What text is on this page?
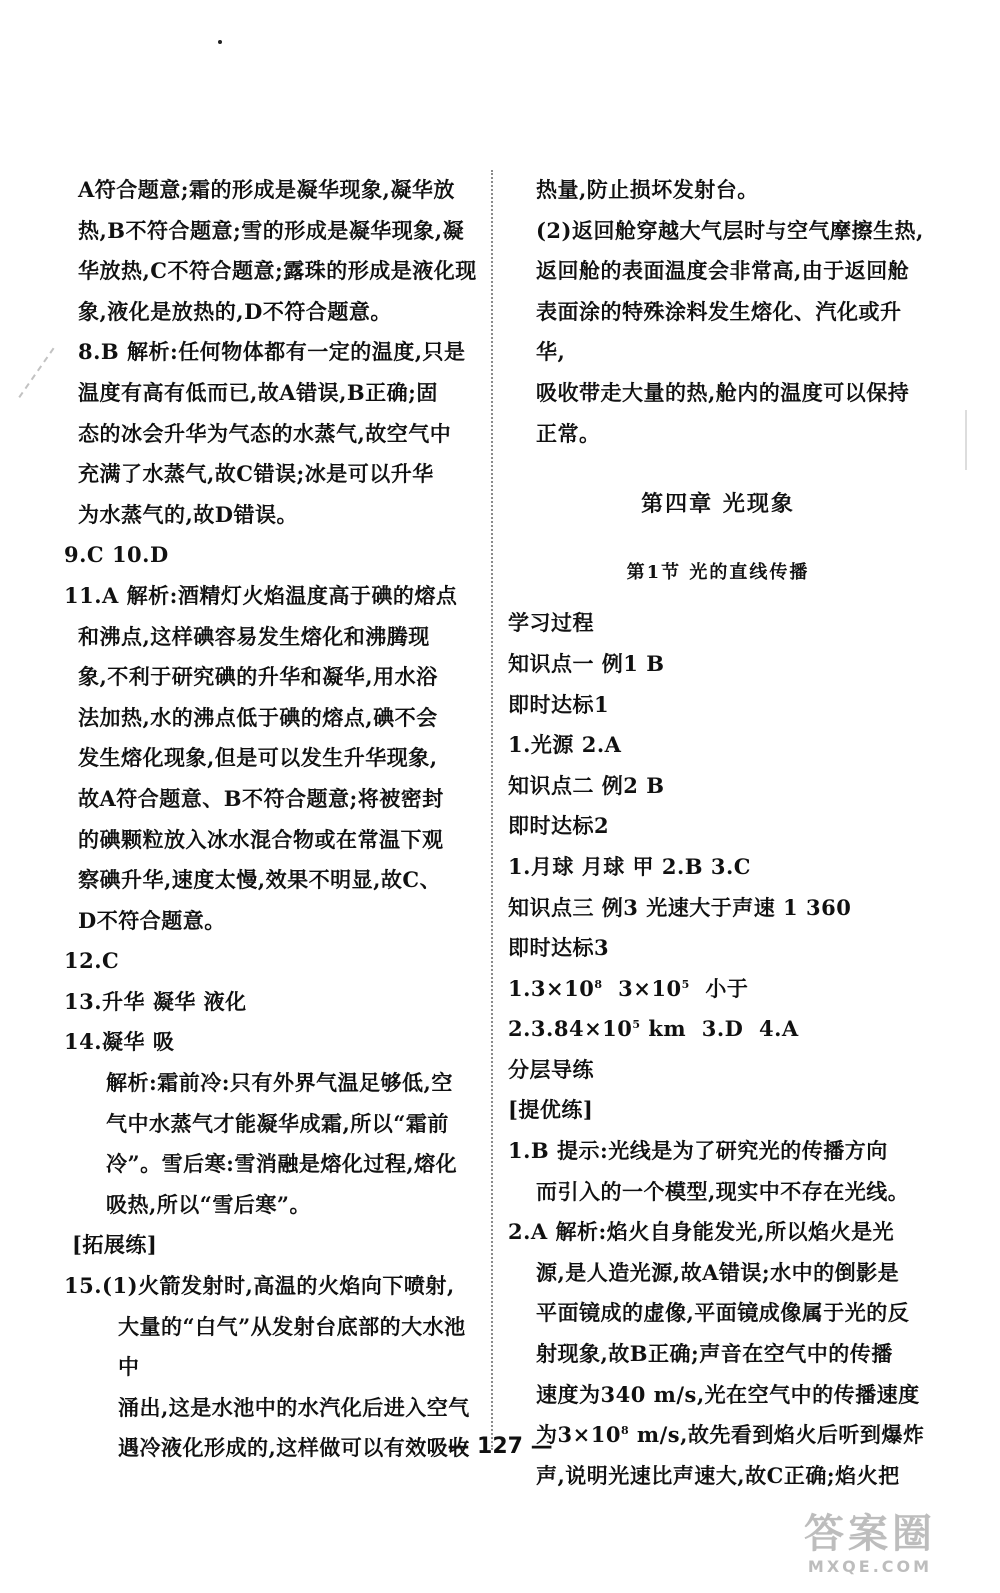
A符合题意;霜的形成是凝华现象,凝华放

热,B不符合题意;雪的形成是凝华现象,凝

华放热,C不符合题意;露珠的形成是液化现

象,液化是放热的,D不符合题意。

8.B 解析:任何物体都有一定的温度,只是

温度有高有低而已,故A错误,B正确;固

态的冰会升华为气态的水蒸气,故空气中

充满了水蒸气,故C错误;冰是可以升华

为水蒸气的,故D错误。

9.C 10.D

11.A 解析:酒精灯火焰温度高于碘的熔点

和沸点,这样碘容易发生熔化和沸腾现

象,不利于研究碘的升华和凝华,用水浴

法加热,水的沸点低于碘的熔点,碘不会

发生熔化现象,但是可以发生升华现象,

故A符合题意、B不符合题意;将被密封

的碘颗粒放入冰水混合物或在常温下观

察碘升华,速度太慢,效果不明显,故C、

D不符合题意。

12.C

13.升华 凝华 液化

14.凝华 吸

解析:霜前冷:只有外界气温足够低,空

气中水蒸气才能凝华成霜,所以“霜前

冷”。雪后寒:雪消融是熔化过程,熔化

吸热,所以“雪后寒”。

[拓展练]

15.(1)火箭发射时,高温的火焰向下喷射,

大量的“白气”从发射台底部的大水池中

涌出,这是水池中的水汽化后进入空气

遇冷液化形成的,这样做可以有效吸收

热量,防止损坏发射台。

(2)返回舱穿越大气层时与空气摩擦生热,

返回舱的表面温度会非常高,由于返回舱

表面涂的特殊涂料发生熔化、汽化或升华,

吸收带走大量的热,舱内的温度可以保持

正常。

第四章 光现象

第1节 光的直线传播

学习过程

知识点一 例1 B

即时达标1

1.光源 2.A

知识点二 例2 B

即时达标2

1.月球 月球 甲 2.B 3.C

知识点三 例3 光速大于声速 1 360

即时达标3

$1.3\times 10^8$  $3\times 10^5$  小于

$2.3.84\times 10^5$ km  3.D  4.A

分层导练

[提优练]

1.B 提示:光线是为了研究光的传播方向

而引入的一个模型,现实中不存在光线。

2.A 解析:焰火自身能发光,所以焰火是光

源,是人造光源,故A错误;水中的倒影是

平面镜成的虚像,平面镜成像属于光的反

射现象,故B正确;声音在空气中的传播

速度为340 m/s,光在空气中的传播速度

为$3\times 10^8$ m/s,故先看到焰火后听到爆炸

声,说明光速比声速大,故C正确;焰火把

— 127 —
答案圈
MXQE.COM
